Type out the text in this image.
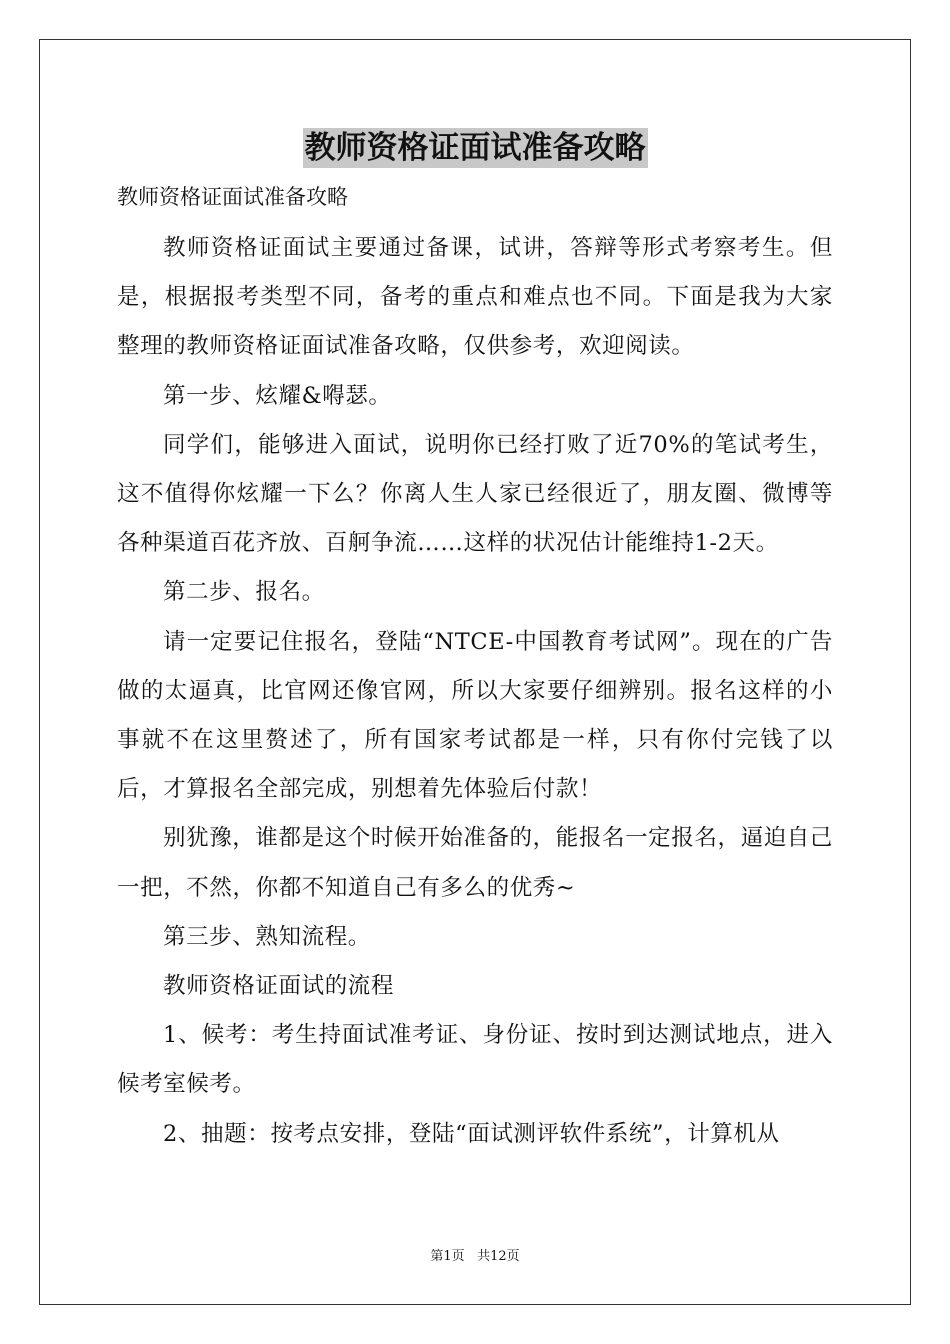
教师资格证面试准备攻略

教师资格证面试准备攻略

教师资格证面试主要通过备课，试讲，答辩等形式考察考生。但是，根据报考类型不同，备考的重点和难点也不同。下面是我为大家整理的教师资格证面试准备攻略，仅供参考，欢迎阅读。

第一步、炫耀&嘚瑟。

同学们，能够进入面试，说明你已经打败了近70%的笔试考生，这不值得你炫耀一下么？你离人生人家已经很近了，朋友圈、微博等各种渠道百花齐放、百舸争流……这样的状况估计能维持1-2天。

第二步、报名。

请一定要记住报名，登陆“NTCE-中国教育考试网”。现在的广告做的太逼真，比官网还像官网，所以大家要仔细辨别。报名这样的小事就不在这里赘述了，所有国家考试都是一样，只有你付完钱了以后，才算报名全部完成，别想着先体验后付款！

别犹豫，谁都是这个时候开始准备的，能报名一定报名，逼迫自己一把，不然，你都不知道自己有多么的优秀~

第三步、熟知流程。

教师资格证面试的流程

1、候考：考生持面试准考证、身份证、按时到达测试地点，进入候考室候考。

2、抽题：按考点安排，登陆“面试测评软件系统”，计算机从

第1页 共12页
